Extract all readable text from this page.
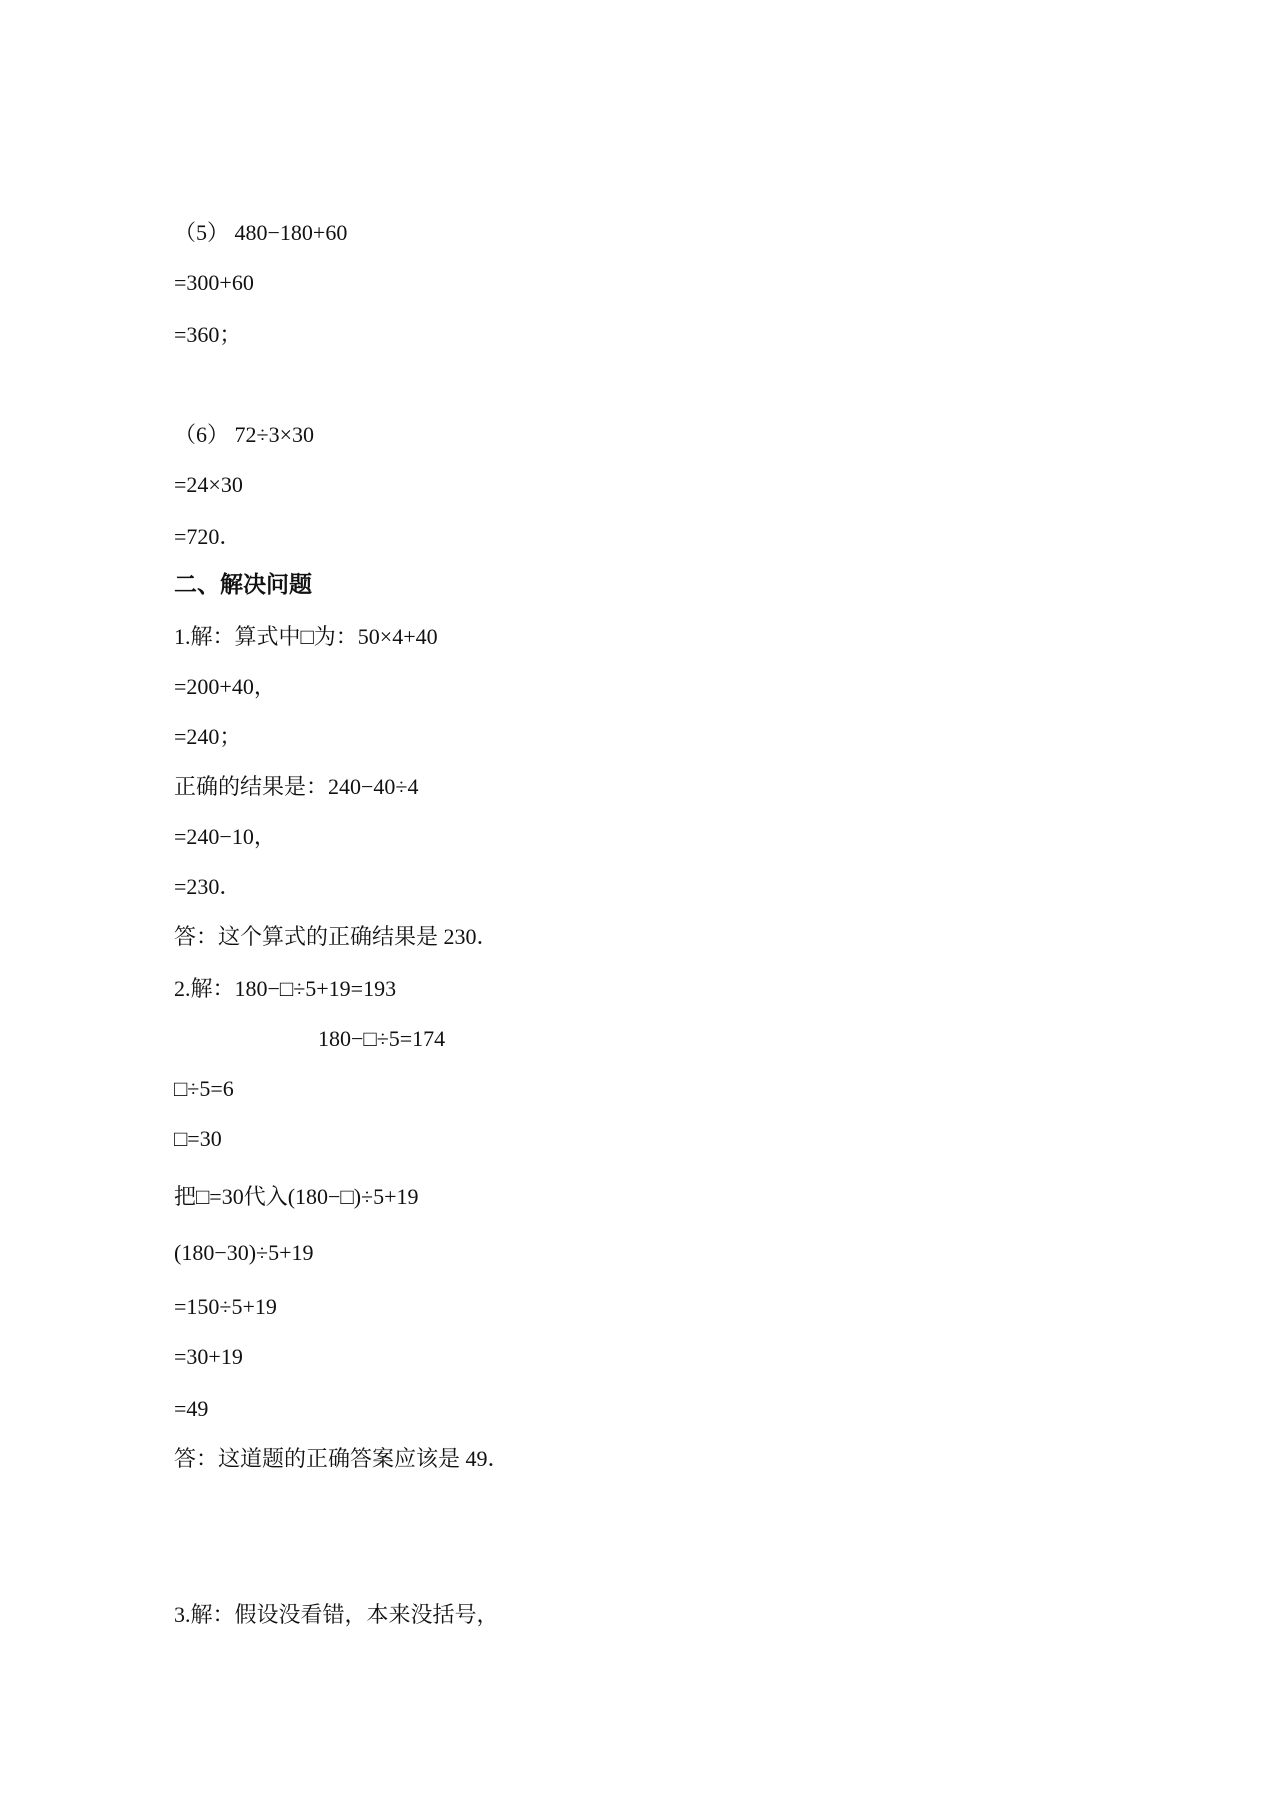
（5） 480−180+60
=300+60
=360；
（6） 72÷3×30
=24×30
=720．
二、解决问题
1.解：算式中□为：50×4+40
=200+40，
=240；
正确的结果是：240−40÷4
=240−10，
=230．
答：这个算式的正确结果是 230．
2.解：180−□÷5+19=193
180−□÷5=174
□÷5=6
□=30
把□=30代入(180−□)÷5+19
(180−30)÷5+19
=150÷5+19
=30+19
=49
答：这道题的正确答案应该是 49．
3.解：假设没看错，本来没括号，
